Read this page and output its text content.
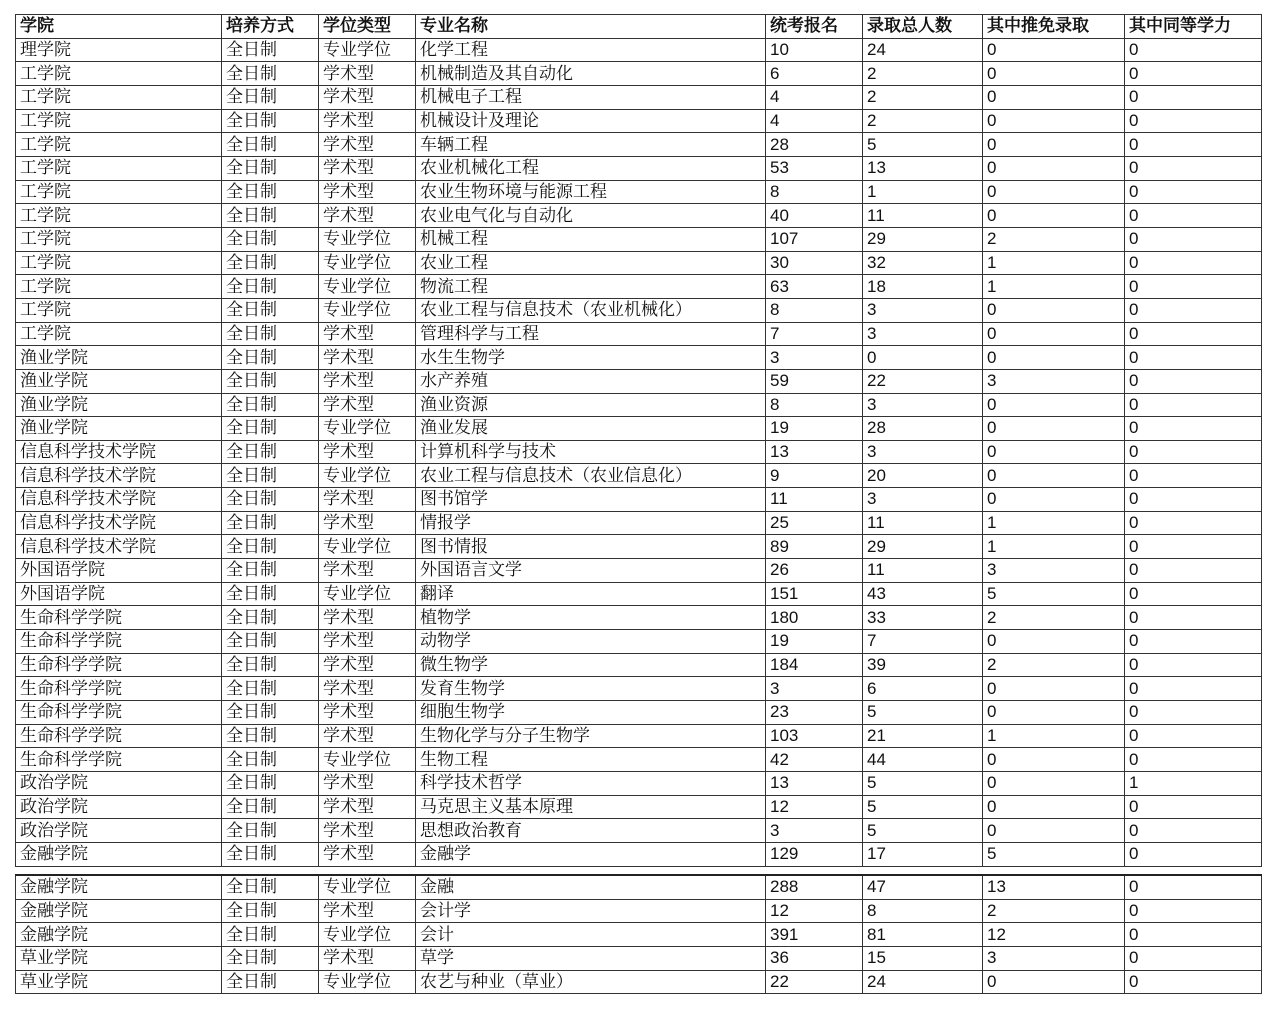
学院	培养方式	学位类型	专业名称	统考报名	录取总人数	其中推免录取	其中同等学力
理学院	全日制	专业学位	化学工程	10	24	0	0
工学院	全日制	学术型	机械制造及其自动化	6	2	0	0
工学院	全日制	学术型	机械电子工程	4	2	0	0
工学院	全日制	学术型	机械设计及理论	4	2	0	0
工学院	全日制	学术型	车辆工程	28	5	0	0
工学院	全日制	学术型	农业机械化工程	53	13	0	0
工学院	全日制	学术型	农业生物环境与能源工程	8	1	0	0
工学院	全日制	学术型	农业电气化与自动化	40	11	0	0
工学院	全日制	专业学位	机械工程	107	29	2	0
工学院	全日制	专业学位	农业工程	30	32	1	0
工学院	全日制	专业学位	物流工程	63	18	1	0
工学院	全日制	专业学位	农业工程与信息技术（农业机械化）	8	3	0	0
工学院	全日制	学术型	管理科学与工程	7	3	0	0
渔业学院	全日制	学术型	水生生物学	3	0	0	0
渔业学院	全日制	学术型	水产养殖	59	22	3	0
渔业学院	全日制	学术型	渔业资源	8	3	0	0
渔业学院	全日制	专业学位	渔业发展	19	28	0	0
信息科学技术学院	全日制	学术型	计算机科学与技术	13	3	0	0
信息科学技术学院	全日制	专业学位	农业工程与信息技术（农业信息化）	9	20	0	0
信息科学技术学院	全日制	学术型	图书馆学	11	3	0	0
信息科学技术学院	全日制	学术型	情报学	25	11	1	0
信息科学技术学院	全日制	专业学位	图书情报	89	29	1	0
外国语学院	全日制	学术型	外国语言文学	26	11	3	0
外国语学院	全日制	专业学位	翻译	151	43	5	0
生命科学学院	全日制	学术型	植物学	180	33	2	0
生命科学学院	全日制	学术型	动物学	19	7	0	0
生命科学学院	全日制	学术型	微生物学	184	39	2	0
生命科学学院	全日制	学术型	发育生物学	3	6	0	0
生命科学学院	全日制	学术型	细胞生物学	23	5	0	0
生命科学学院	全日制	学术型	生物化学与分子生物学	103	21	1	0
生命科学学院	全日制	专业学位	生物工程	42	44	0	0
政治学院	全日制	学术型	科学技术哲学	13	5	0	1
政治学院	全日制	学术型	马克思主义基本原理	12	5	0	0
政治学院	全日制	学术型	思想政治教育	3	5	0	0
金融学院	全日制	学术型	金融学	129	17	5	0
金融学院	全日制	专业学位	金融	288	47	13	0
金融学院	全日制	学术型	会计学	12	8	2	0
金融学院	全日制	专业学位	会计	391	81	12	0
草业学院	全日制	学术型	草学	36	15	3	0
草业学院	全日制	专业学位	农艺与种业（草业）	22	24	0	0
